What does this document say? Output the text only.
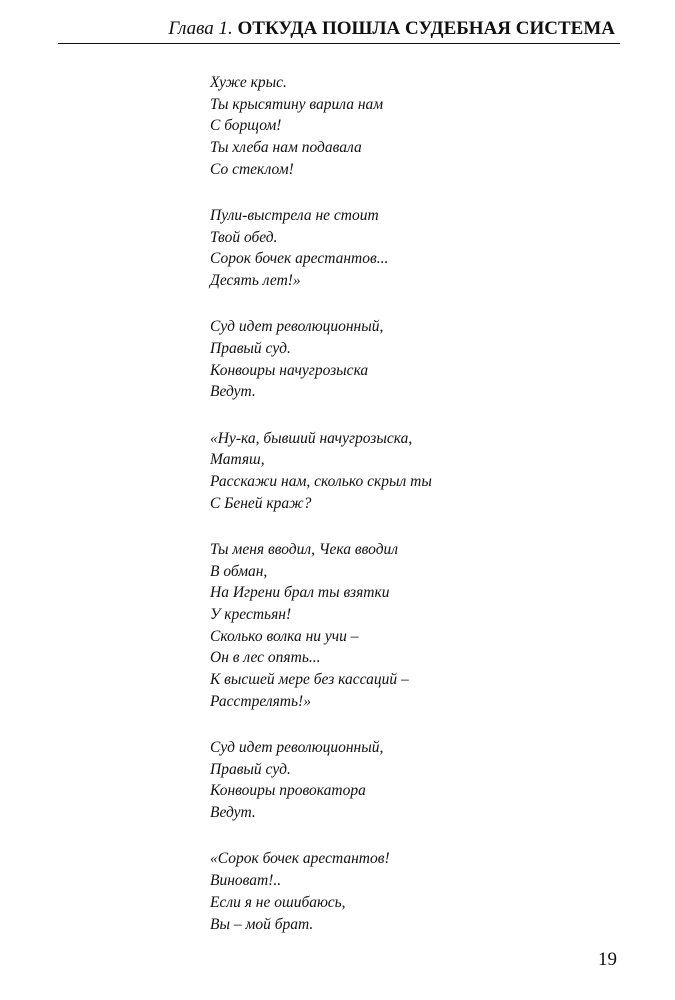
Глава 1. ОТКУДА ПОШЛА СУДЕБНАЯ СИСТЕМА
Хуже крыс.
Ты крысятину варила нам
С борщом!
Ты хлеба нам подавала
Со стеклом!
Пули-выстрела не стоит
Твой обед.
Сорок бочек арестантов...
Десять лет!»
Суд идет революционный,
Правый суд.
Конвоиры начугрозыска
Ведут.
«Ну-ка, бывший начугрозыска,
Матяш,
Расскажи нам, сколько скрыл ты
С Беней краж?
Ты меня вводил, Чека вводил
В обман,
На Игрени брал ты взятки
У крестьян!
Сколько волка ни учи –
Он в лес опять...
К высшей мере без кассаций –
Расстрелять!»
Суд идет революционный,
Правый суд.
Конвоиры провокатора
Ведут.
«Сорок бочек арестантов!
Виноват!..
Если я не ошибаюсь,
Вы – мой брат.
19
